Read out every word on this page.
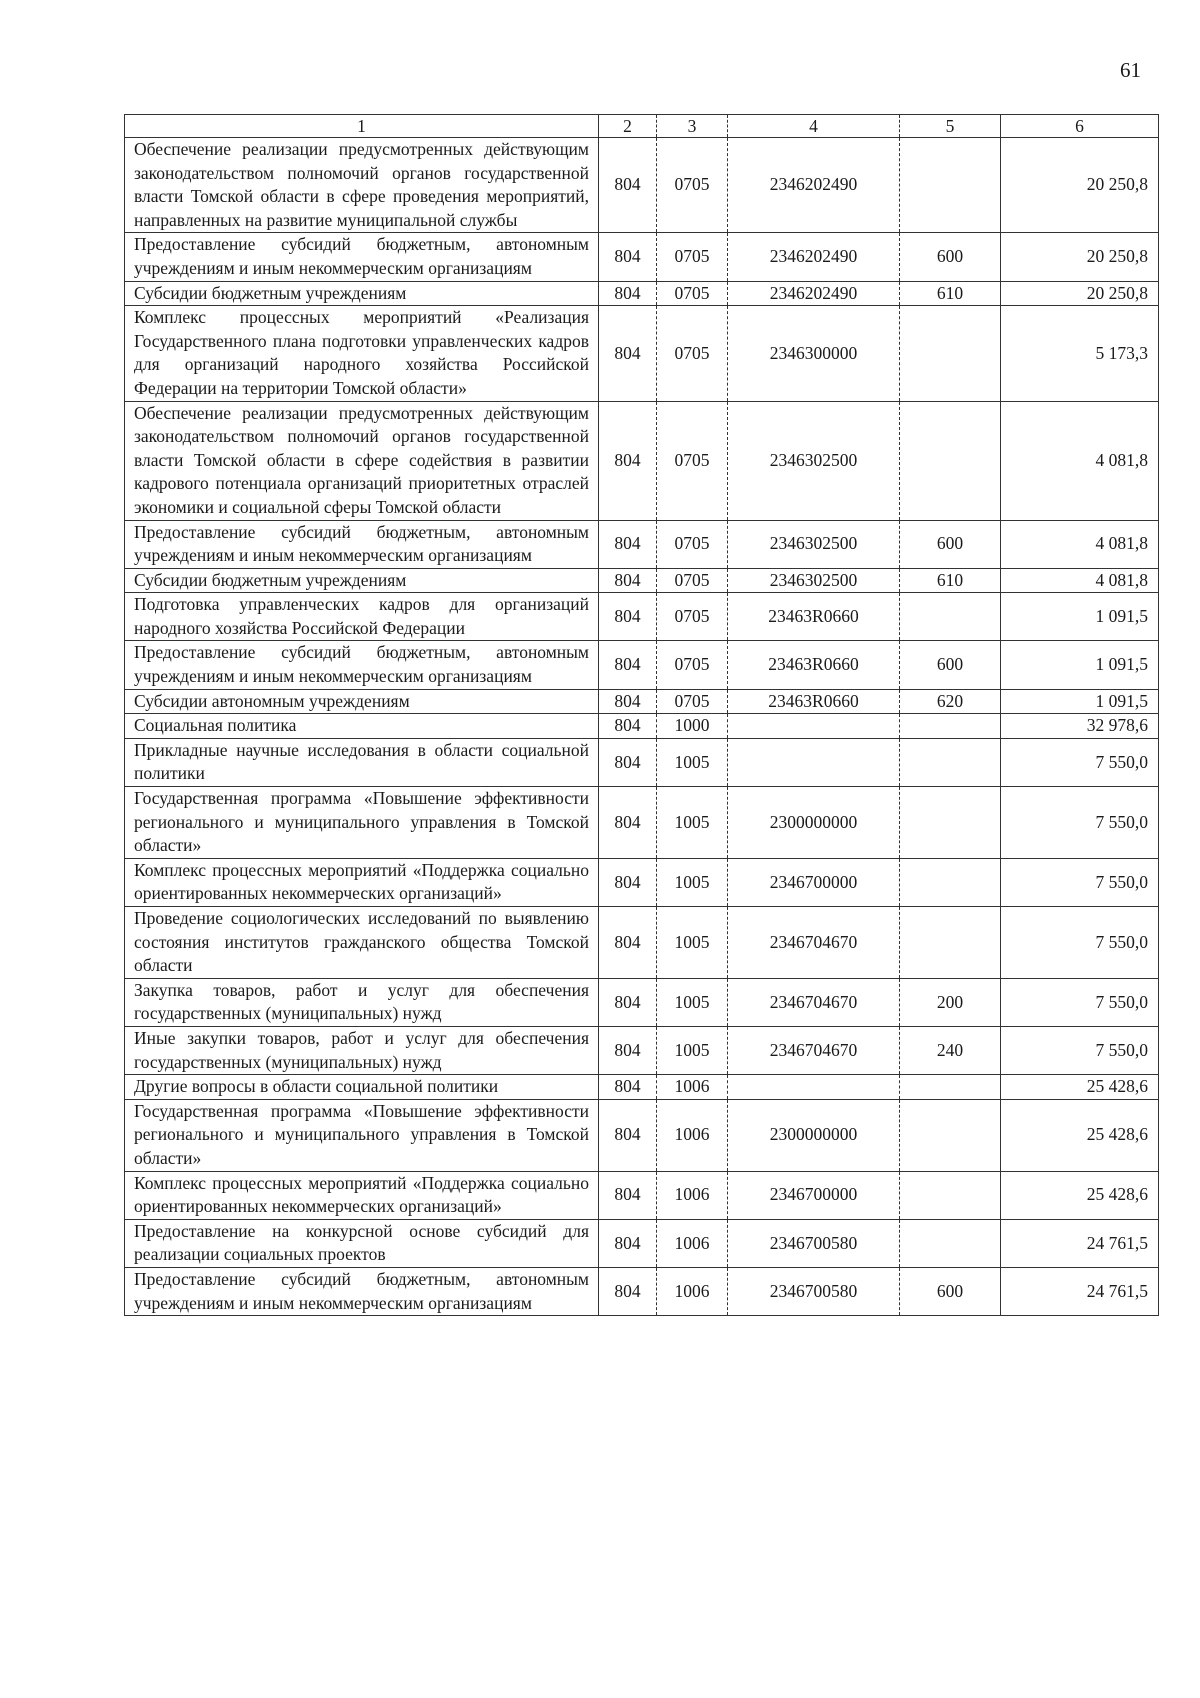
61
1	2	3	4	5	6
Обеспечение реализации предусмотренных действующим законодательством полномочий органов государственной власти Томской области в сфере проведения мероприятий, направленных на развитие муниципальной службы	804	0705	2346202490		20 250,8
Предоставление субсидий бюджетным, автономным учреждениям и иным некоммерческим организациям	804	0705	2346202490	600	20 250,8
Субсидии бюджетным учреждениям	804	0705	2346202490	610	20 250,8
Комплекс процессных мероприятий «Реализация Государственного плана подготовки управленческих кадров для организаций народного хозяйства Российской Федерации на территории Томской области»	804	0705	2346300000		5 173,3
Обеспечение реализации предусмотренных действующим законодательством полномочий органов государственной власти Томской области в сфере содействия в развитии кадрового потенциала организаций приоритетных отраслей экономики и социальной сферы Томской области	804	0705	2346302500		4 081,8
Предоставление субсидий бюджетным, автономным учреждениям и иным некоммерческим организациям	804	0705	2346302500	600	4 081,8
Субсидии бюджетным учреждениям	804	0705	2346302500	610	4 081,8
Подготовка управленческих кадров для организаций народного хозяйства Российской Федерации	804	0705	23463R0660		1 091,5
Предоставление субсидий бюджетным, автономным учреждениям и иным некоммерческим организациям	804	0705	23463R0660	600	1 091,5
Субсидии автономным учреждениям	804	0705	23463R0660	620	1 091,5
Социальная политика	804	1000			32 978,6
Прикладные научные исследования в области социальной политики	804	1005			7 550,0
Государственная программа «Повышение эффективности регионального и муниципального управления в Томской области»	804	1005	2300000000		7 550,0
Комплекс процессных мероприятий «Поддержка социально ориентированных некоммерческих организаций»	804	1005	2346700000		7 550,0
Проведение социологических исследований по выявлению состояния институтов гражданского общества Томской области	804	1005	2346704670		7 550,0
Закупка товаров, работ и услуг для обеспечения государственных (муниципальных) нужд	804	1005	2346704670	200	7 550,0
Иные закупки товаров, работ и услуг для обеспечения государственных (муниципальных) нужд	804	1005	2346704670	240	7 550,0
Другие вопросы в области социальной политики	804	1006			25 428,6
Государственная программа «Повышение эффективности регионального и муниципального управления в Томской области»	804	1006	2300000000		25 428,6
Комплекс процессных мероприятий «Поддержка социально ориентированных некоммерческих организаций»	804	1006	2346700000		25 428,6
Предоставление на конкурсной основе субсидий для реализации социальных проектов	804	1006	2346700580		24 761,5
Предоставление субсидий бюджетным, автономным учреждениям и иным некоммерческим организациям	804	1006	2346700580	600	24 761,5
